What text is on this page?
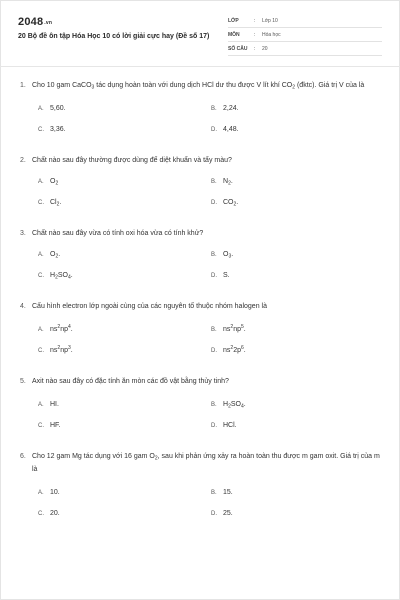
2048.vn
20 Bộ đề ôn tập Hóa Học 10 có lời giải cực hay (Đề số 17)
LỚP	:	Lớp 10
MÔN	:	Hóa học
SỐ CÂU	:	20
1. Cho 10 gam CaCO$_3$ tác dụng hoàn toàn với dung dịch HCl dư thu được V lít khí $CO_2$ (đktc). Giá trị V của là
A. 5,60.	B. 2,24.
C. 3,36.	D. 4,48.
2. Chất nào sau đây thường được dùng để diệt khuẩn và tẩy màu?
A. $O_2$	B. $N_2$.
C. $Cl_2$.	D. $CO_2$.
3. Chất nào sau đây vừa có tính oxi hóa vừa có tính khử?
A. $O_2$.	B. $O_3$.
C. $H_2SO_4$.	D. S.
4. Cấu hình electron lớp ngoài cùng của các nguyên tố thuộc nhóm halogen là
A. $ns^2np^4$.	B. $ns^2np^5$.
C. $ns^2np^3$.	D. $ns^22p^6$.
5. Axit nào sau đây có đặc tính ăn mòn các đồ vật bằng thủy tinh?
A. HI.	B. $H_2SO_4$.
C. HF.	D. HCl.
6. Cho 12 gam Mg tác dụng với 16 gam $O_2$, sau khi phản ứng xảy ra hoàn toàn thu được m gam oxit. Giá trị của m là
A. 10.	B. 15.
C. 20.	D. 25.
